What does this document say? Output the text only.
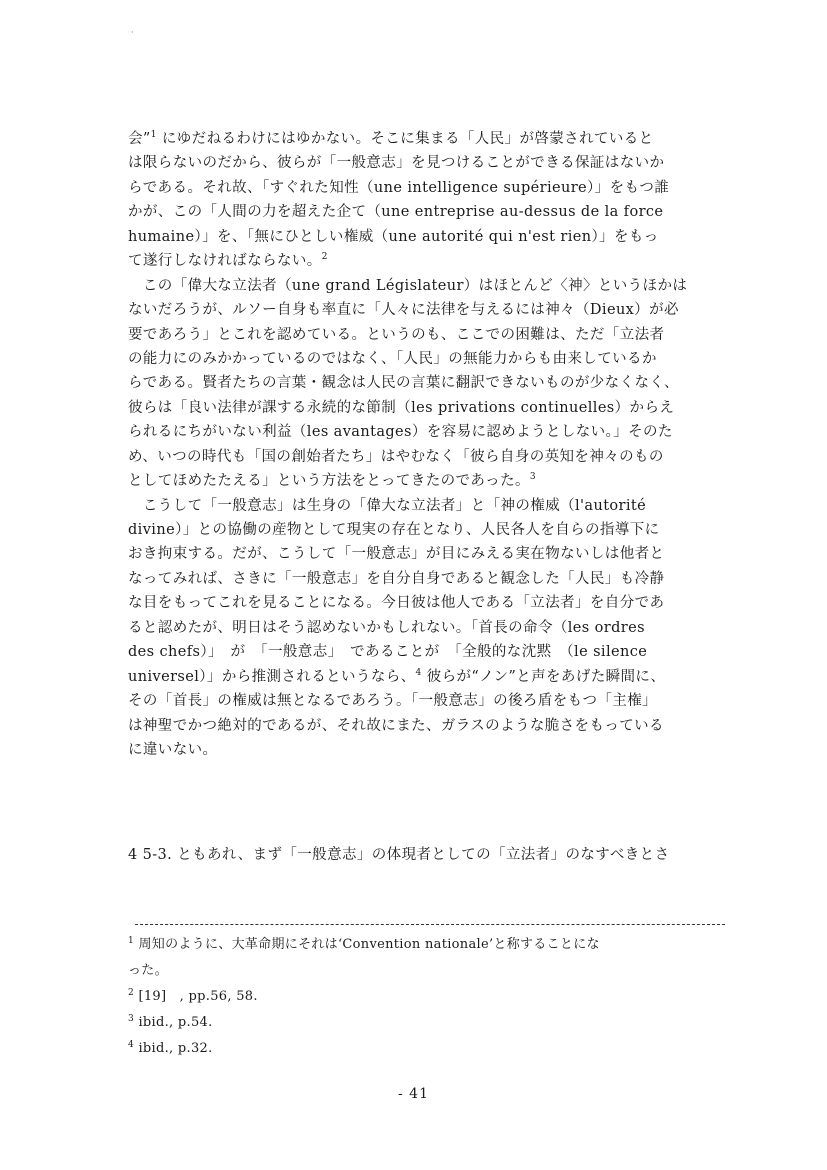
·
会”$^1$ にゆだねるわけにはゆかない。そこに集まる「人民」が啓蒙されていると
は限らないのだから、彼らが「一般意志」を見つけることができる保証はないか
らである。それ故、「すぐれた知性（une intelligence supérieure）」をもつ誰
かが、この「人間の力を超えた企て（une entreprise au-dessus de la force
humaine）」を、「無にひとしい権威（une autorité qui n'est rien）」をもっ
て遂行しなければならない。$^2$
　この「偉大な立法者（une grand Législateur）はほとんど〈神〉というほかは
ないだろうが、ルソー自身も率直に「人々に法律を与えるには神々（Dieux）が必
要であろう」とこれを認めている。というのも、ここでの困難は、ただ「立法者
の能力にのみかかっているのではなく、「人民」の無能力からも由来しているか
らである。賢者たちの言葉・観念は人民の言葉に翻訳できないものが少なくなく、
彼らは「良い法律が課する永続的な節制（les privations continuelles）からえ
られるにちがいない利益（les avantages）を容易に認めようとしない。」そのた
め、いつの時代も「国の創始者たち」はやむなく「彼ら自身の英知を神々のもの
としてほめたたえる」という方法をとってきたのであった。$^3$
　こうして「一般意志」は生身の「偉大な立法者」と「神の権威（l'autorité
divine）」との協働の産物として現実の存在となり、人民各人を自らの指導下に
おき拘束する。だが、こうして「一般意志」が目にみえる実在物ないしは他者と
なってみれば、さきに「一般意志」を自分自身であると観念した「人民」も冷静
な目をもってこれを見ることになる。今日彼は他人である「立法者」を自分であ
ると認めたが、明日はそう認めないかもしれない。「首長の命令（les ordres
des chefs）」　が　「一般意志」　であることが　「全般的な沈黙　（le silence
universel）」から推測されるというなら、$^4$ 彼らが“ノン”と声をあげた瞬間に、
その「首長」の権威は無となるであろう。「一般意志」の後ろ盾をもつ「主権」
は神聖でかつ絶対的であるが、それ故にまた、ガラスのような脆さをもっている
に違いない。
4 5-3. ともあれ、まず「一般意志」の体現者としての「立法者」のなすべきとさ
$^1$ 周知のように、大革命期にそれは‘Convention nationale’と称することにな
った。
$^2$ [19]　, pp.56, 58.
$^3$ ibid., p.54.
$^4$ ibid., p.32.
- 41
